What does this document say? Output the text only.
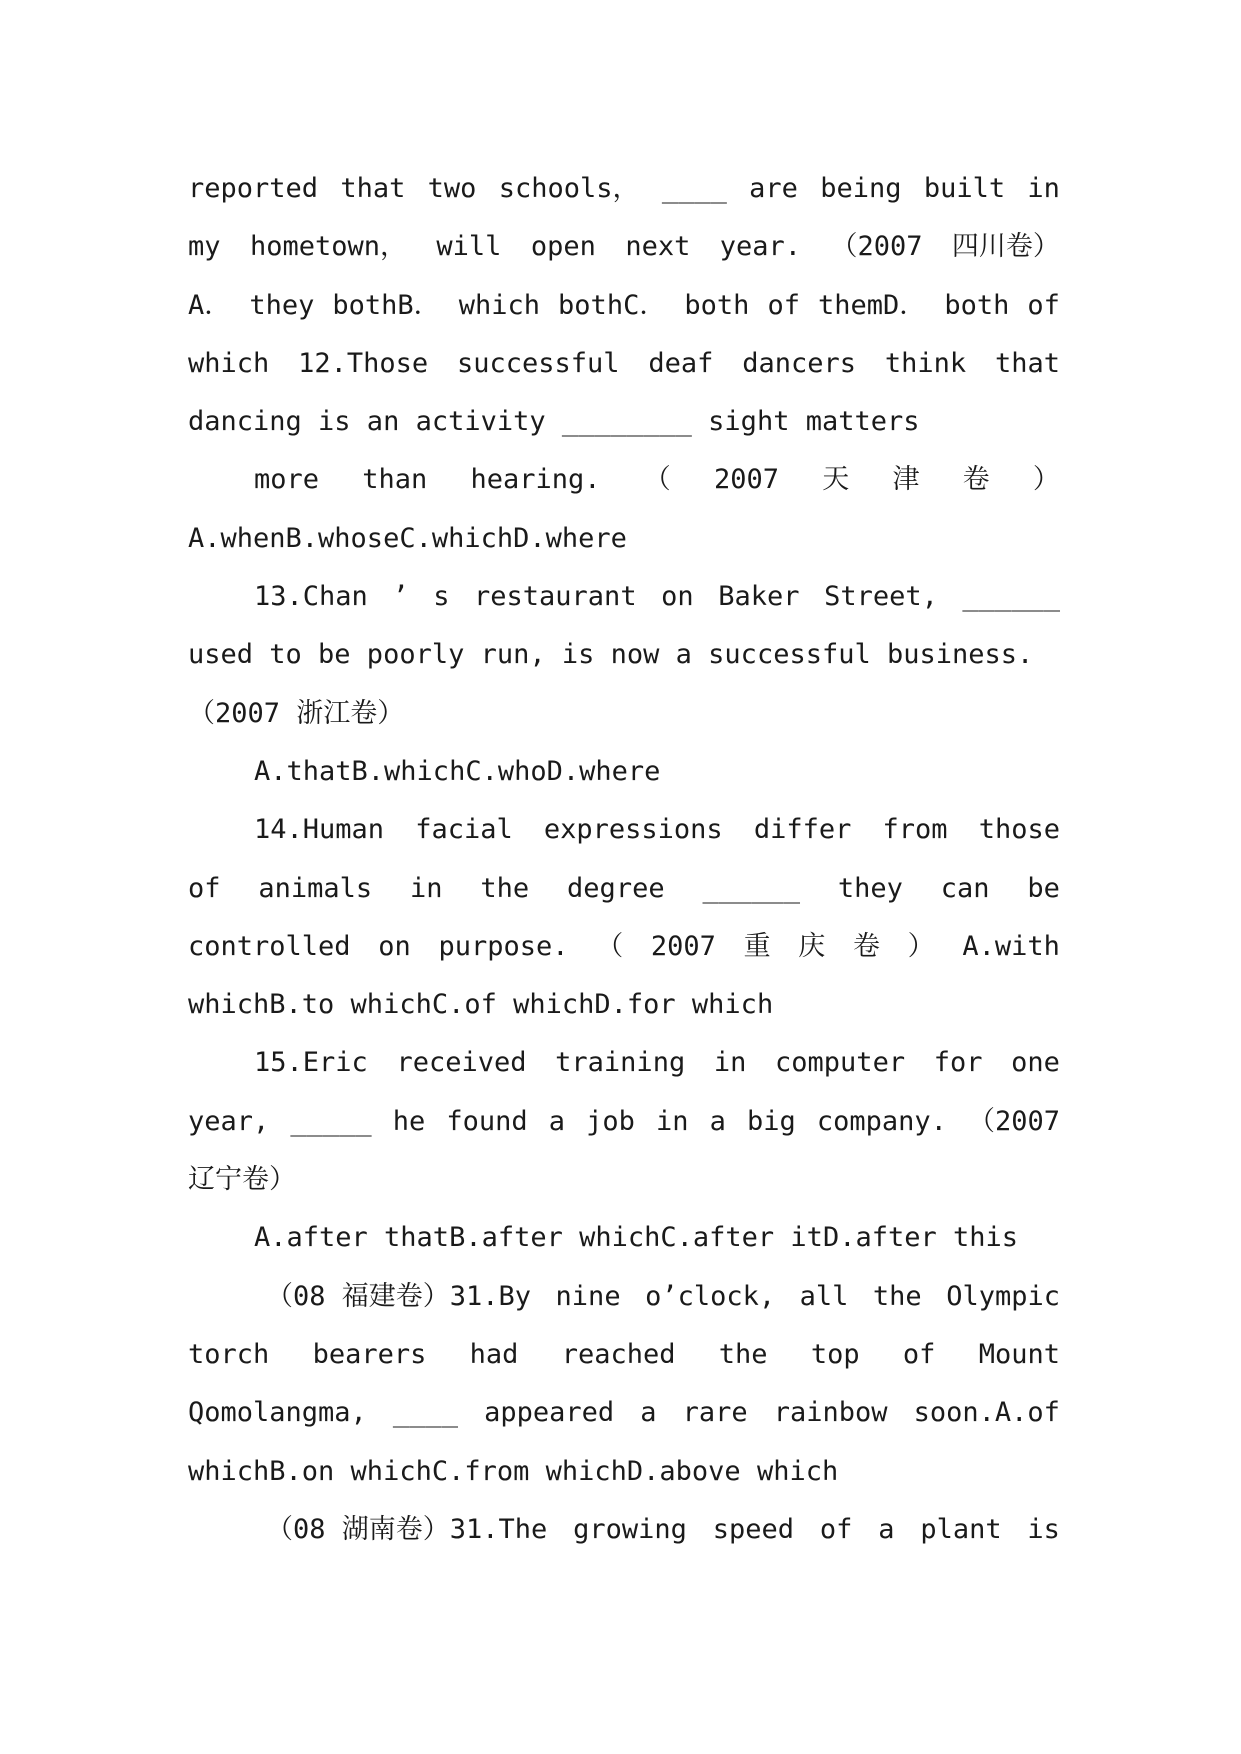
reported that two schools， ____ are being built in
my hometown， will open next year. （2007 四川卷）
A． they bothB． which bothC． both of themD． both of
which 12.Those successful deaf dancers think that
dancing is an activity ________ sight matters
more than hearing. （ 2007 天 津 卷 ）
A.whenB.whoseC.whichD.where
13.Chan ’ s restaurant on Baker Street, ______
used to be poorly run, is now a successful business.
（2007 浙江卷）
A.thatB.whichC.whoD.where
14.Human facial expressions differ from those
of animals in the degree ______ they can be
controlled on purpose. （ 2007 重 庆 卷 ） A.with
whichB.to whichC.of whichD.for which
15.Eric received training in computer for one
year, _____ he found a job in a big company. （2007
辽宁卷）
A.after thatB.after whichC.after itD.after this
（08 福建卷）31.By nine o’clock, all the Olympic
torch bearers had reached the top of Mount
Qomolangma, ____ appeared a rare rainbow soon.A.of
whichB.on whichC.from whichD.above which
（08 湖南卷）31.The growing speed of a plant is
